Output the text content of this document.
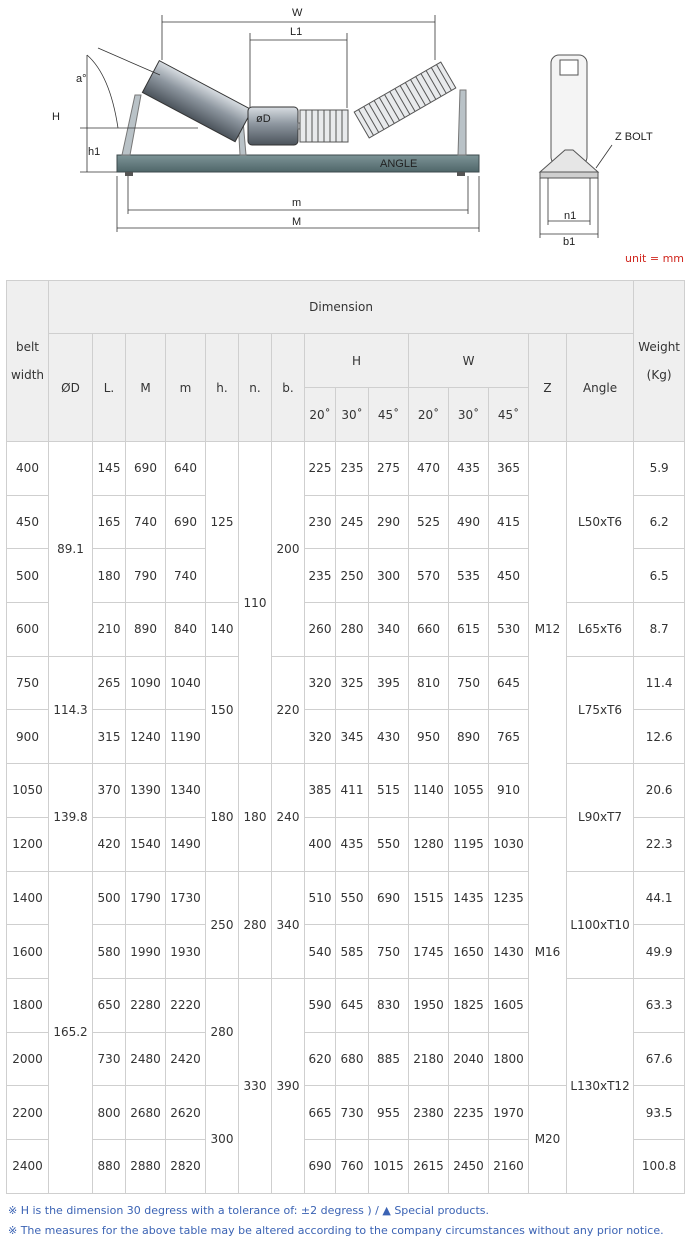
ANGLE
øD
W
L1
a°
H
h1
m
M
Z BOLT
n1
b1
unit = mm
belt

width	Dimension															Weight

(Kg)
	ØD	L.	M	m	h.	n.	b.	H			W			Z	Angle	
								20˚	30˚	45˚	20˚	30˚	45˚			
400	89.1	145	690	640	125	110	200	225	235	275	470	435	365	M12	L50xT6	5.9
450		165	740	690				230	245	290	525	490	415			6.2
500		180	790	740				235	250	300	570	535	450			6.5
600		210	890	840	140			260	280	340	660	615	530		L65xT6	8.7
750	114.3	265	1090	1040	150		220	320	325	395	810	750	645		L75xT6	11.4
900		315	1240	1190				320	345	430	950	890	765			12.6
1050	139.8	370	1390	1340	180	180	240	385	411	515	1140	1055	910		L90xT7	20.6
1200		420	1540	1490				400	435	550	1280	1195	1030	M16		22.3
1400	165.2	500	1790	1730	250	280	340	510	550	690	1515	1435	1235		L100xT10	44.1
1600		580	1990	1930				540	585	750	1745	1650	1430			49.9
1800		650	2280	2220	280	330	390	590	645	830	1950	1825	1605		L130xT12	63.3
2000		730	2480	2420				620	680	885	2180	2040	1800			67.6
2200		800	2680	2620	300			665	730	955	2380	2235	1970	M20		93.5
2400		880	2880	2820				690	760	1015	2615	2450	2160			100.8
※ H is the dimension 30 degress with a tolerance of: ±2 degress ) / ▲ Special products.
※ The measures for the above table may be altered according to the company circumstances without any prior notice.
